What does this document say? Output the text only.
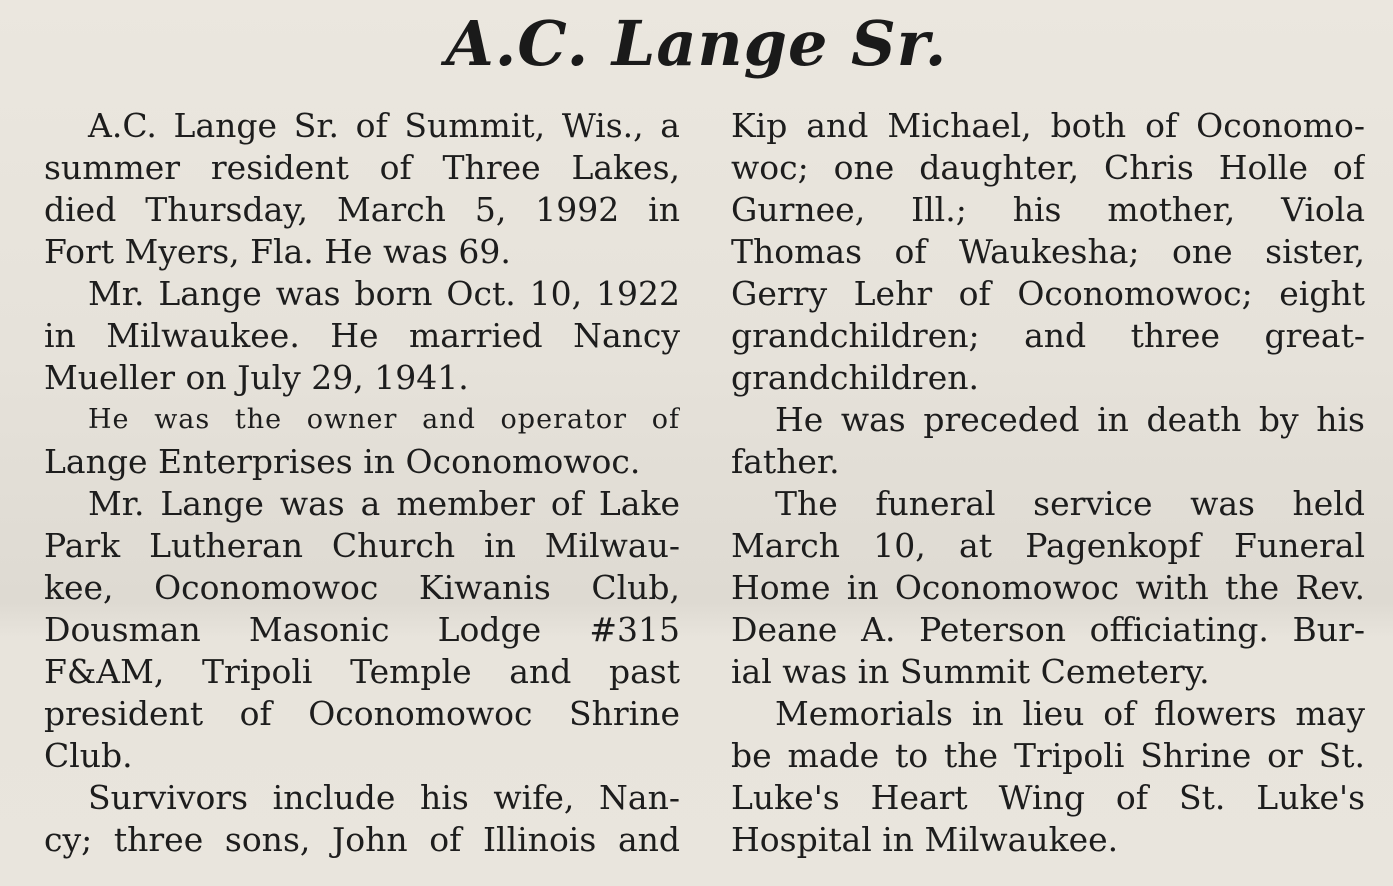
A.C. Lange Sr.
A.C. Lange Sr. of Summit, Wis., a
summer resident of Three Lakes,
died Thursday, March 5, 1992 in
Fort Myers, Fla. He was 69.
Mr. Lange was born Oct. 10, 1922
in Milwaukee. He married Nancy
Mueller on July 29, 1941.
He was the owner and operator of
Lange Enterprises in Oconomowoc.
Mr. Lange was a member of Lake
Park Lutheran Church in Milwau-
kee, Oconomowoc Kiwanis Club,
Dousman Masonic Lodge #315
F&AM, Tripoli Temple and past
president of Oconomowoc Shrine
Club.
Survivors include his wife, Nan-
cy; three sons, John of Illinois and
Kip and Michael, both of Oconomo-
woc; one daughter, Chris Holle of
Gurnee, Ill.; his mother, Viola
Thomas of Waukesha; one sister,
Gerry Lehr of Oconomowoc; eight
grandchildren; and three great-
grandchildren.
He was preceded in death by his
father.
The funeral service was held
March 10, at Pagenkopf Funeral
Home in Oconomowoc with the Rev.
Deane A. Peterson officiating. Bur-
ial was in Summit Cemetery.
Memorials in lieu of flowers may
be made to the Tripoli Shrine or St.
Luke's Heart Wing of St. Luke's
Hospital in Milwaukee.
